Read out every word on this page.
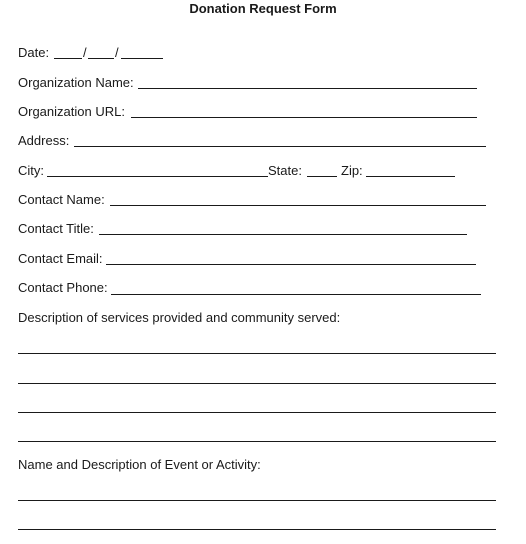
Donation Request Form
Date:	/ /
Organization Name:
Organization URL:
Address:
City:	State:	Zip:
Contact Name:
Contact Title:
Contact Email:
Contact Phone:
Description of services provided and community served:
Name and Description of Event or Activity:
